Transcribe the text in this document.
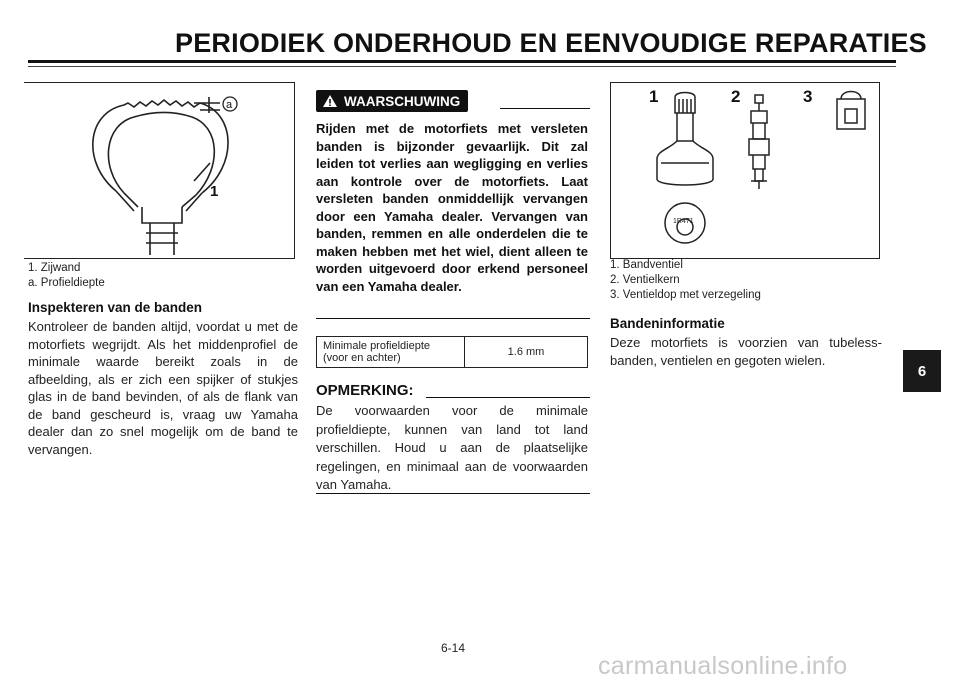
PERIODIEK ONDERHOUD EN EENVOUDIGE REPARATIES
a
1
1. Zijwand
a. Profieldiepte
Inspekteren van de banden
Kontroleer de banden altijd, voordat u met de motorfiets wegrijdt. Als het middenprofiel de minimale waarde bereikt zoals in de afbeelding, als er zich een spijker of stukjes glas in de band bevinden, of als de flank van de band gescheurd is, vraag uw Yamaha dealer dan zo snel mogelijk om de band te vervangen.
WAARSCHUWING
Rijden met de motorfiets met versleten banden is bijzonder gevaarlijk. Dit zal leiden tot verlies aan wegligging en verlies aan kontrole over de motorfiets. Laat versleten banden onmiddellijk vervangen door een Yamaha dealer. Vervangen van banden, remmen en alle onderdelen die te maken hebben met het wiel, dient alleen te worden uitgevoerd door erkend personeel van een Yamaha dealer.
Minimale profieldiepte
(voor en achter)	1.6 mm
OPMERKING:
De voorwaarden voor de minimale profieldiepte, kunnen van land tot land verschillen. Houd u aan de plaatselijke regelingen, en minimaal aan de voorwaarden van Yamaha.
1R471
1	2	3
1. Bandventiel
2. Ventielkern
3. Ventieldop met verzegeling
Bandeninformatie
Deze motorfiets is voorzien van tubeless-banden, ventielen en gegoten wielen.
6
6-14
carmanualsonline.info
